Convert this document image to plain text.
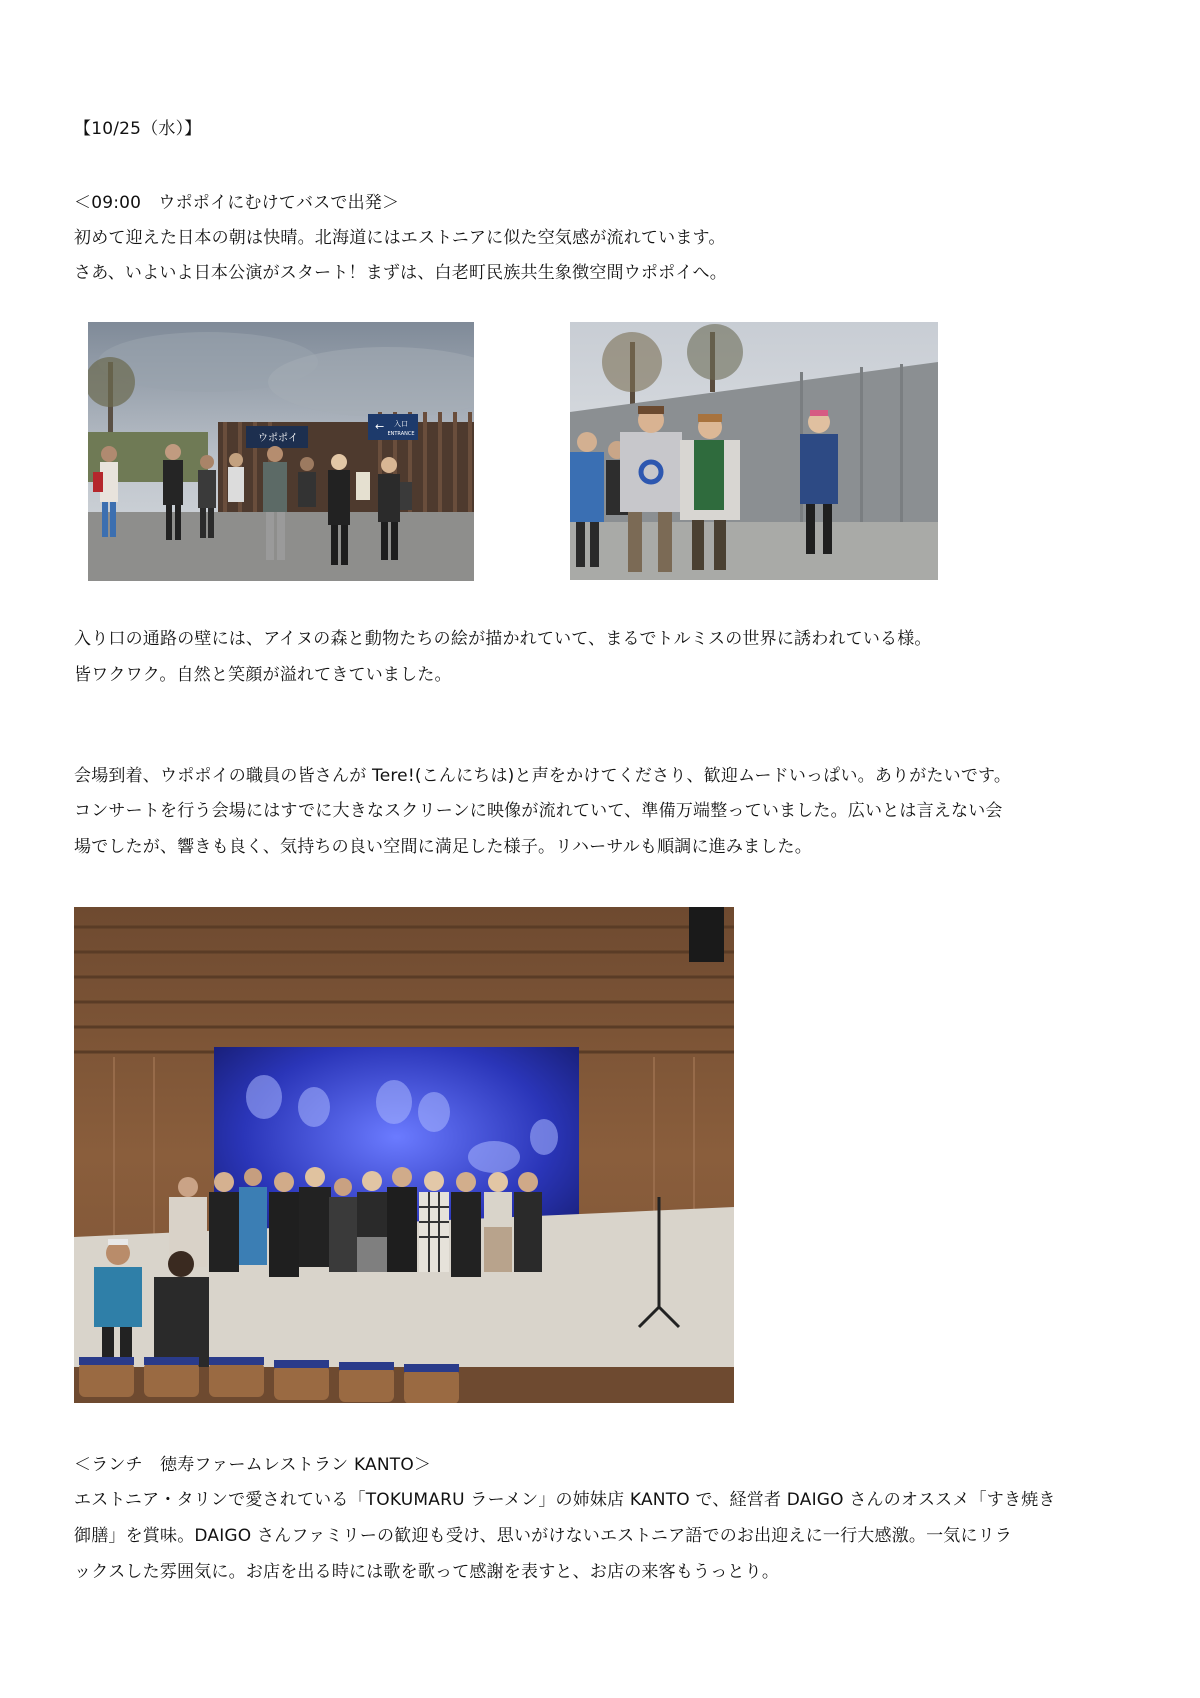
【10/25（水）】
＜09:00　ウポポイにむけてバスで出発＞
初めて迎えた日本の朝は快晴。北海道にはエストニアに似た空気感が流れています。
さあ、いよいよ日本公演がスタート！まずは、白老町民族共生象徴空間ウポポイへ。
ウポポイ
← 入口
ENTRANCE
入り口の通路の壁には、アイヌの森と動物たちの絵が描かれていて、まるでトルミスの世界に誘われている様。
皆ワクワク。自然と笑顔が溢れてきていました。
会場到着、ウポポイの職員の皆さんが Tere!(こんにちは)と声をかけてくださり、歓迎ムードいっぱい。ありがたいです。
コンサートを行う会場にはすでに大きなスクリーンに映像が流れていて、準備万端整っていました。広いとは言えない会
場でしたが、響きも良く、気持ちの良い空間に満足した様子。リハーサルも順調に進みました。
＜ランチ　徳寿ファームレストラン KANTO＞
エストニア・タリンで愛されている「TOKUMARU ラーメン」の姉妹店 KANTO で、経営者 DAIGO さんのオススメ「すき焼き
御膳」を賞味。DAIGO さんファミリーの歓迎も受け、思いがけないエストニア語でのお出迎えに一行大感激。一気にリラ
ックスした雰囲気に。お店を出る時には歌を歌って感謝を表すと、お店の来客もうっとり。
